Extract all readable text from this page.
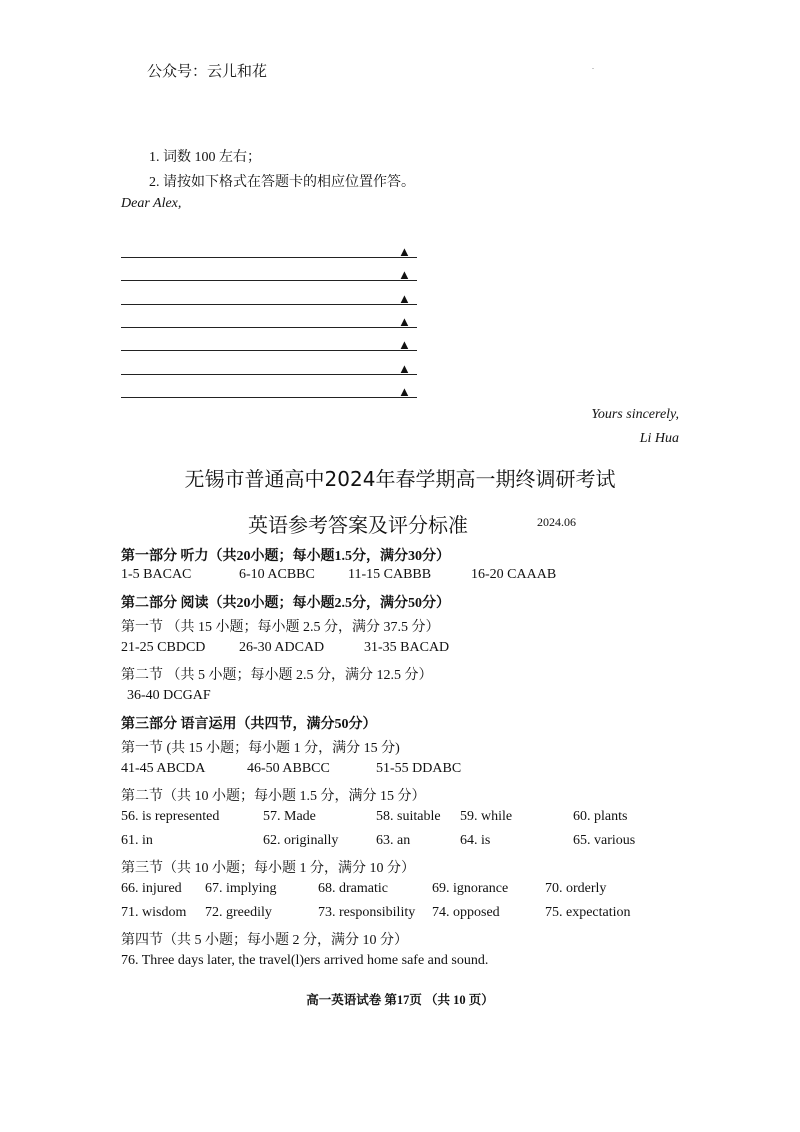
公众号：云儿和花	.
1. 词数 100 左右；
2. 请按如下格式在答题卡的相应位置作答。
Dear Alex,
▲
▲
▲
▲
▲
▲
▲
Yours sincerely,
Li Hua
无锡市普通高中2024年春学期高一期终调研考试
英语参考答案及评分标准	2024.06
第一部分 听力（共20小题；每小题1.5分，满分30分）
1-5 BACAC	6-10 ACBBC 11-15 CABBB	16-20 CAAAB
第二部分 阅读（共20小题；每小题2.5分，满分50分）
第一节 （共 15 小题；每小题 2.5 分，满分 37.5 分）
21-25 CBDCD 26-30 ADCAD	31-35 BACAD
第二节 （共 5 小题；每小题 2.5 分，满分 12.5 分）
36-40 DCGAF
第三部分 语言运用（共四节，满分50分）
第一节 (共 15 小题；每小题 1 分，满分 15 分)
41-45 ABCDA	46-50 ABBCC	51-55 DDABC
第二节（共 10 小题；每小题 1.5 分，满分 15 分）
56. is represented	57. Made	58. suitable 59. while	60. plants
61. in	62. originally	63. an	64. is	65. various
第三节（共 10 小题；每小题 1 分，满分 10 分）
66. injured 67. implying	68. dramatic	69. ignorance	70. orderly
71. wisdom 72. greedily	73. responsibility 74. opposed	75. expectation
第四节（共 5 小题；每小题 2 分，满分 10 分）
76. Three days later, the travel(l)ers arrived home safe and sound.
高一英语试卷 第17页 （共 10 页）
